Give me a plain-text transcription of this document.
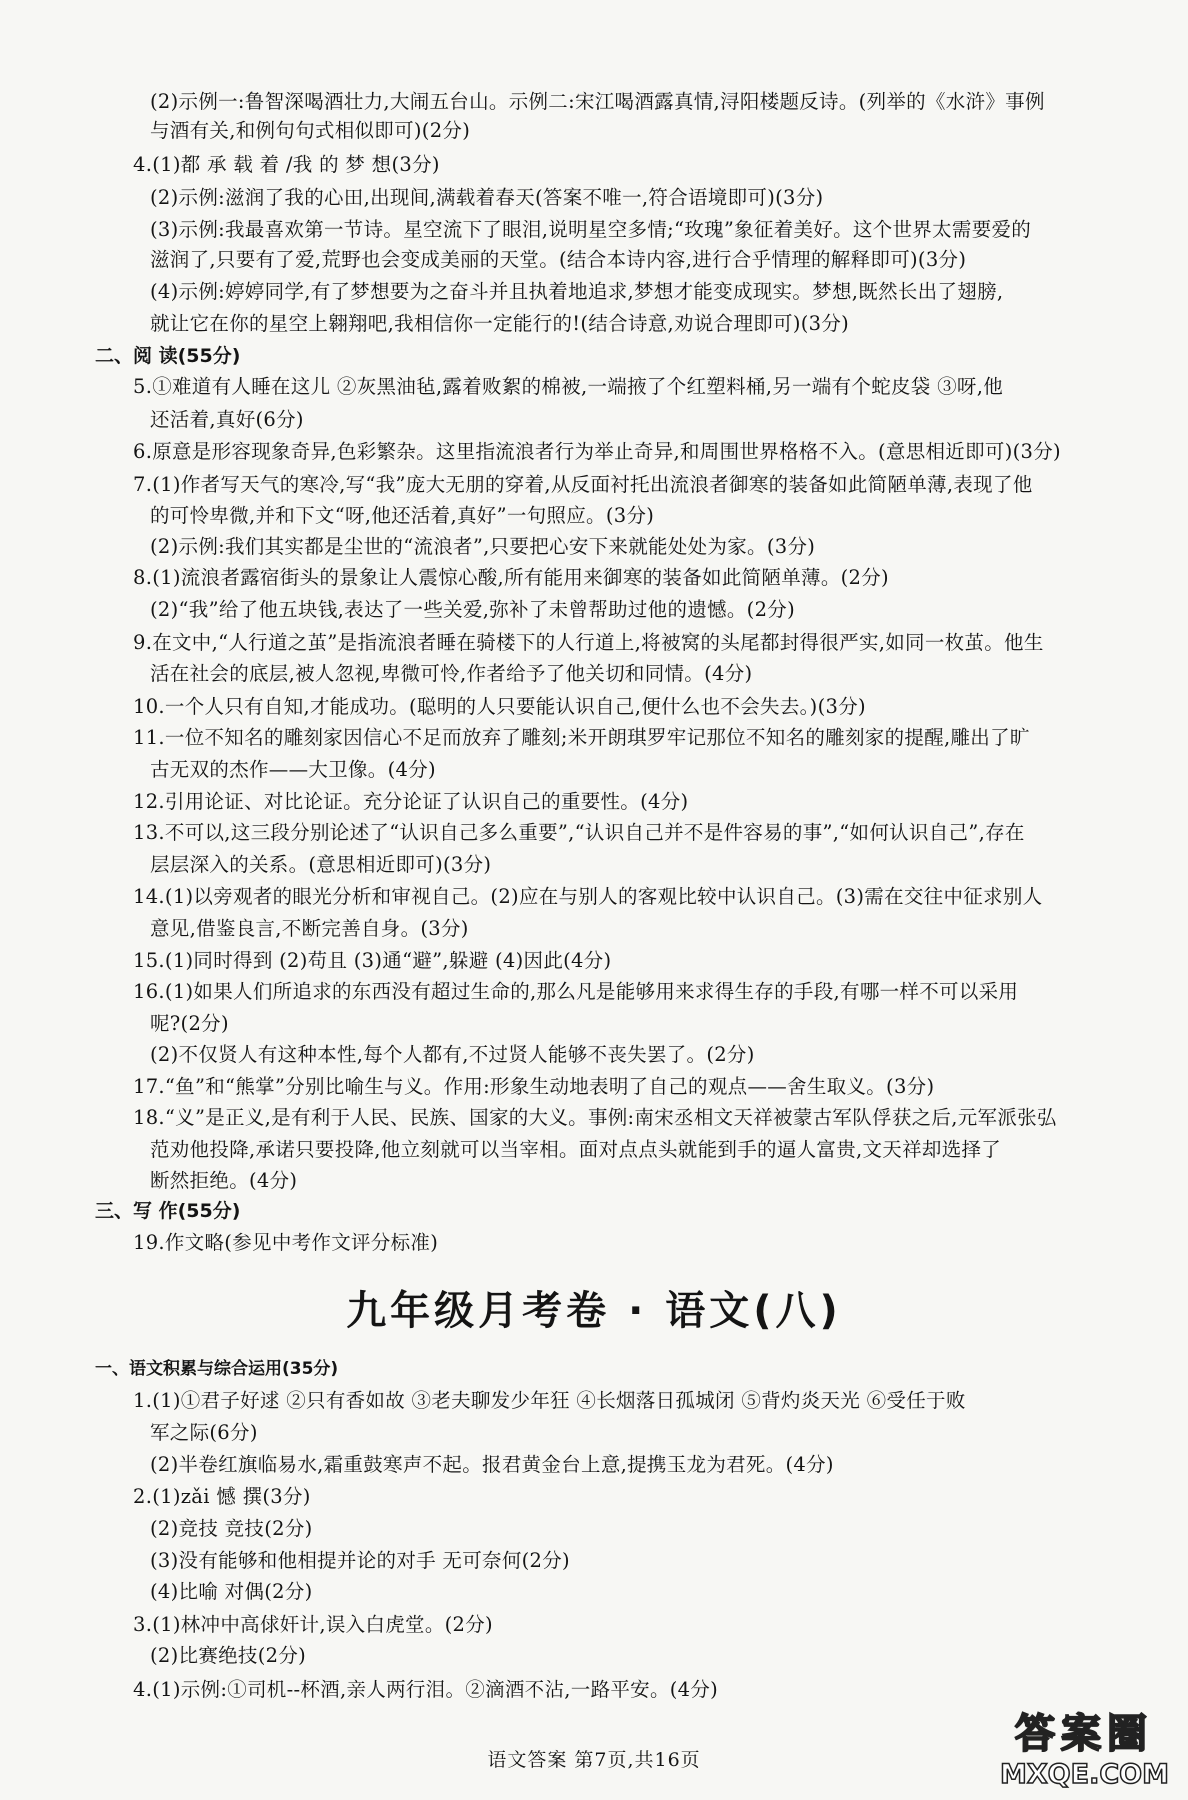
(2)示例一:鲁智深喝酒壮力,大闹五台山。示例二:宋江喝酒露真情,浔阳楼题反诗。(列举的《水浒》事例
与酒有关,和例句句式相似即可)(2分)
4.(1)都 承 载 着 /我 的 梦 想(3分)
(2)示例:滋润了我的心田,出现间,满载着春天(答案不唯一,符合语境即可)(3分)
(3)示例:我最喜欢第一节诗。星空流下了眼泪,说明星空多情;“玫瑰”象征着美好。这个世界太需要爱的
滋润了,只要有了爱,荒野也会变成美丽的天堂。(结合本诗内容,进行合乎情理的解释即可)(3分)
(4)示例:婷婷同学,有了梦想要为之奋斗并且执着地追求,梦想才能变成现实。梦想,既然长出了翅膀,
就让它在你的星空上翱翔吧,我相信你一定能行的!(结合诗意,劝说合理即可)(3分)
二、阅 读(55分)
5.①难道有人睡在这儿 ②灰黑油毡,露着败絮的棉被,一端掖了个红塑料桶,另一端有个蛇皮袋 ③呀,他
还活着,真好(6分)
6.原意是形容现象奇异,色彩繁杂。这里指流浪者行为举止奇异,和周围世界格格不入。(意思相近即可)(3分)
7.(1)作者写天气的寒冷,写“我”庞大无朋的穿着,从反面衬托出流浪者御寒的装备如此简陋单薄,表现了他
的可怜卑微,并和下文“呀,他还活着,真好”一句照应。(3分)
(2)示例:我们其实都是尘世的“流浪者”,只要把心安下来就能处处为家。(3分)
8.(1)流浪者露宿街头的景象让人震惊心酸,所有能用来御寒的装备如此简陋单薄。(2分)
(2)“我”给了他五块钱,表达了一些关爱,弥补了未曾帮助过他的遗憾。(2分)
9.在文中,“人行道之茧”是指流浪者睡在骑楼下的人行道上,将被窝的头尾都封得很严实,如同一枚茧。他生
活在社会的底层,被人忽视,卑微可怜,作者给予了他关切和同情。(4分)
10.一个人只有自知,才能成功。(聪明的人只要能认识自己,便什么也不会失去。)(3分)
11.一位不知名的雕刻家因信心不足而放弃了雕刻;米开朗琪罗牢记那位不知名的雕刻家的提醒,雕出了旷
古无双的杰作——大卫像。(4分)
12.引用论证、对比论证。充分论证了认识自己的重要性。(4分)
13.不可以,这三段分别论述了“认识自己多么重要”,“认识自己并不是件容易的事”,“如何认识自己”,存在
层层深入的关系。(意思相近即可)(3分)
14.(1)以旁观者的眼光分析和审视自己。(2)应在与别人的客观比较中认识自己。(3)需在交往中征求别人
意见,借鉴良言,不断完善自身。(3分)
15.(1)同时得到 (2)苟且 (3)通“避”,躲避 (4)因此(4分)
16.(1)如果人们所追求的东西没有超过生命的,那么凡是能够用来求得生存的手段,有哪一样不可以采用
呢?(2分)
(2)不仅贤人有这种本性,每个人都有,不过贤人能够不丧失罢了。(2分)
17.“鱼”和“熊掌”分别比喻生与义。作用:形象生动地表明了自己的观点——舍生取义。(3分)
18.“义”是正义,是有利于人民、民族、国家的大义。事例:南宋丞相文天祥被蒙古军队俘获之后,元军派张弘
范劝他投降,承诺只要投降,他立刻就可以当宰相。面对点点头就能到手的逼人富贵,文天祥却选择了
断然拒绝。(4分)
三、写 作(55分)
19.作文略(参见中考作文评分标准)
九年级月考卷 · 语文(八)
一、语文积累与综合运用(35分)
1.(1)①君子好逑 ②只有香如故 ③老夫聊发少年狂 ④长烟落日孤城闭 ⑤背灼炎天光 ⑥受任于败
军之际(6分)
(2)半卷红旗临易水,霜重鼓寒声不起。报君黄金台上意,提携玉龙为君死。(4分)
2.(1)zǎi 憾 撰(3分)
(2)竞技 竞技(2分)
(3)没有能够和他相提并论的对手 无可奈何(2分)
(4)比喻 对偶(2分)
3.(1)林冲中高俅奸计,误入白虎堂。(2分)
(2)比赛绝技(2分)
4.(1)示例:①司机--杯酒,亲人两行泪。②滴酒不沾,一路平安。(4分)
语文答案 第7页,共16页
答案圈
MXQE.COM
